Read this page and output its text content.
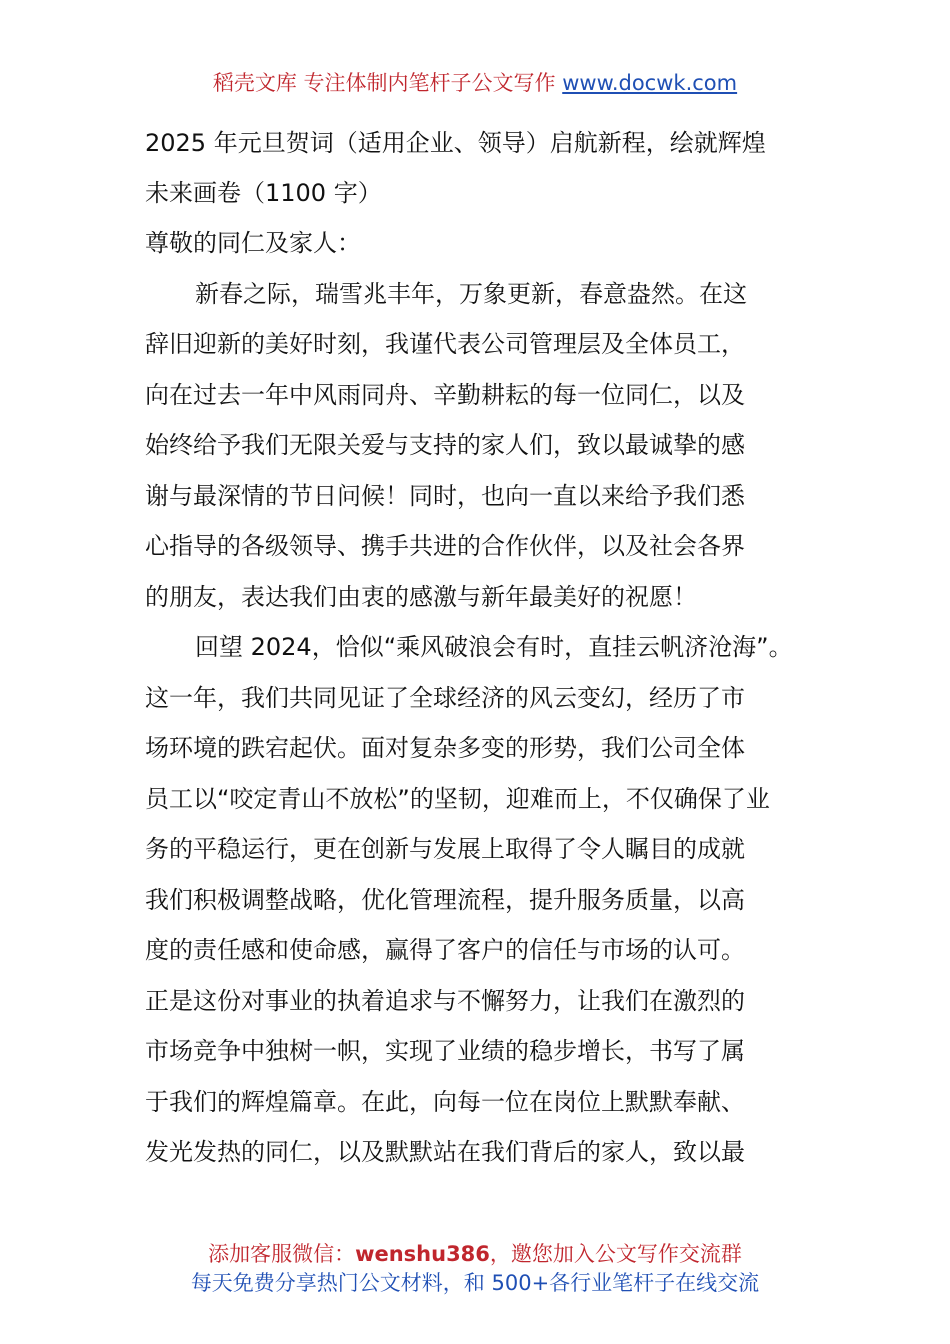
稻壳文库 专注体制内笔杆子公文写作 www.docwk.com
2025 年元旦贺词（适用企业、领导）启航新程，绘就辉煌
未来画卷（1100 字）
尊敬的同仁及家人：
新春之际，瑞雪兆丰年，万象更新，春意盎然。在这
辞旧迎新的美好时刻，我谨代表公司管理层及全体员工，
向在过去一年中风雨同舟、辛勤耕耘的每一位同仁，以及
始终给予我们无限关爱与支持的家人们，致以最诚挚的感
谢与最深情的节日问候！同时，也向一直以来给予我们悉
心指导的各级领导、携手共进的合作伙伴，以及社会各界
的朋友，表达我们由衷的感激与新年最美好的祝愿！
回望 2024，恰似“乘风破浪会有时，直挂云帆济沧海”。
这一年，我们共同见证了全球经济的风云变幻，经历了市
场环境的跌宕起伏。面对复杂多变的形势，我们公司全体
员工以“咬定青山不放松”的坚韧，迎难而上，不仅确保了业
务的平稳运行，更在创新与发展上取得了令人瞩目的成就
我们积极调整战略，优化管理流程，提升服务质量，以高
度的责任感和使命感，赢得了客户的信任与市场的认可。
正是这份对事业的执着追求与不懈努力，让我们在激烈的
市场竞争中独树一帜，实现了业绩的稳步增长，书写了属
于我们的辉煌篇章。在此，向每一位在岗位上默默奉献、
发光发热的同仁，以及默默站在我们背后的家人，致以最
添加客服微信：wenshu386，邀您加入公文写作交流群
每天免费分享热门公文材料，和 500+各行业笔杆子在线交流
